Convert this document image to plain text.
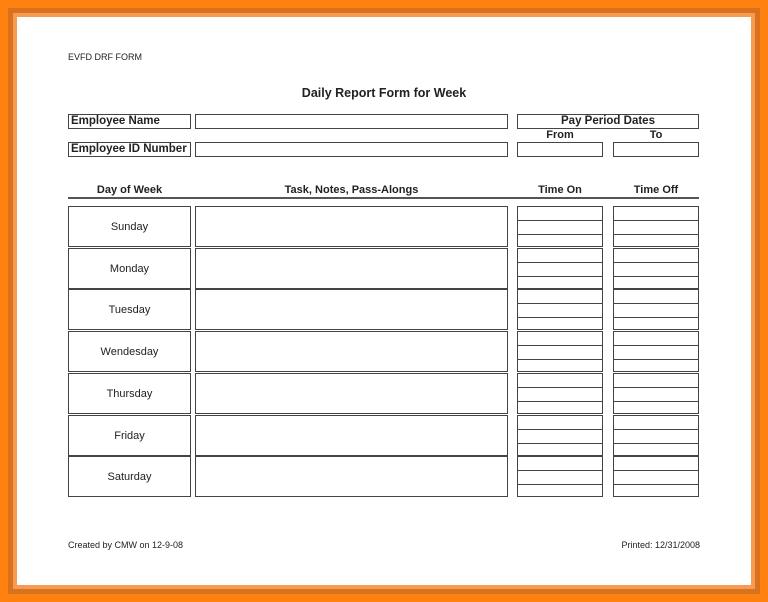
EVFD DRF FORM
Daily Report Form for Week
Employee Name
Employee ID Number
Pay Period Dates
From	To
Day of Week	Task, Notes, Pass-Alongs	Time On	Time Off
Sunday
Monday
Tuesday
Wendesday
Thursday
Friday
Saturday
Created by CMW on 12-9-08	Printed: 12/31/2008
